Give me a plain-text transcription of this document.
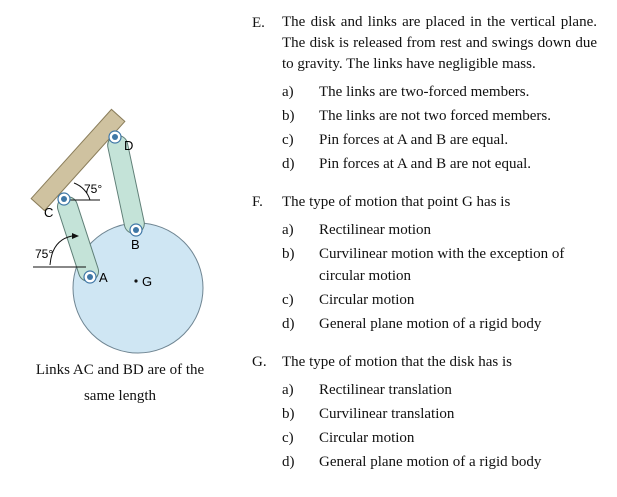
C
D
B
A	G
75°
75°
Links AC and BD are of the
same length
E.	The disk and links are placed in the vertical plane. The disk is released from rest and swings down due to gravity. The links have negligible mass.
a)	The links are two-forced members.
b)	The links are not two forced members.
c)	Pin forces at A and B are equal.
d)	Pin forces at A and B are not equal.
F.	The type of motion that point G has is
a)	Rectilinear motion
b)	Curvilinear motion with the exception of circular motion
c)	Circular motion
d)	General plane motion of a rigid body
G.	The type of motion that the disk has is
a)	Rectilinear translation
b)	Curvilinear translation
c)	Circular motion
d)	General plane motion of a rigid body
